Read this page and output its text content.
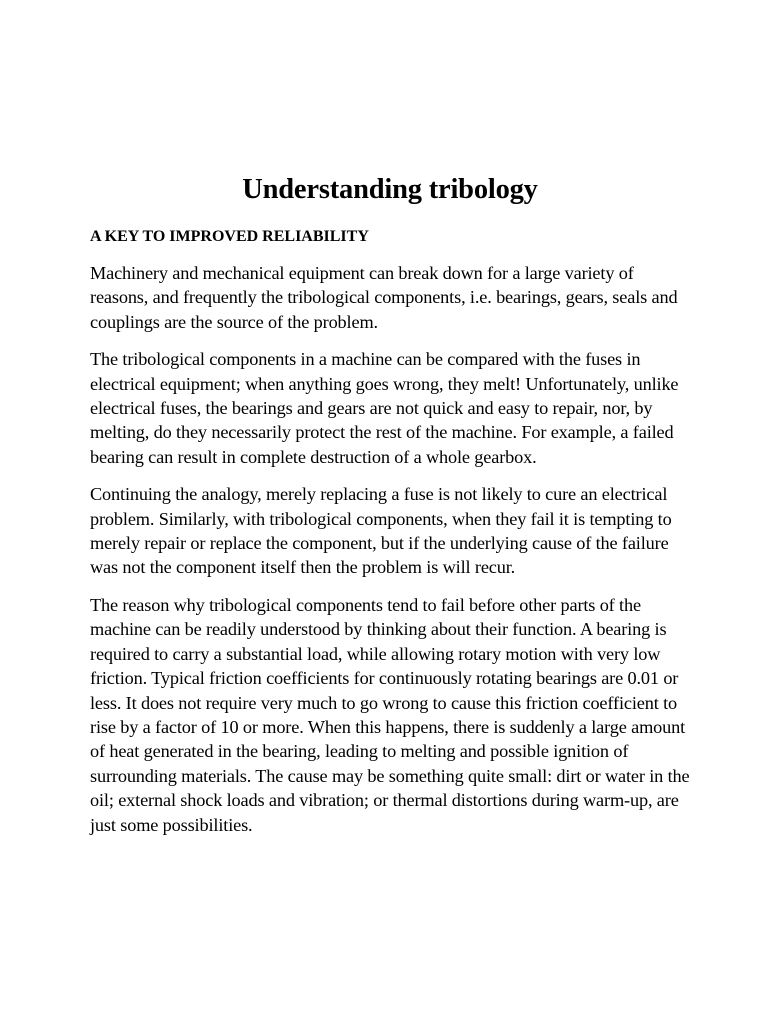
Understanding tribology
A KEY TO IMPROVED RELIABILITY

Machinery and mechanical equipment can break down for a large variety of reasons, and frequently the tribological components, i.e. bearings, gears, seals and couplings are the source of the problem.

The tribological components in a machine can be compared with the fuses in electrical equipment; when anything goes wrong, they melt! Unfortunately, unlike electrical fuses, the bearings and gears are not quick and easy to repair, nor, by melting, do they necessarily protect the rest of the machine. For example, a failed bearing can result in complete destruction of a whole gearbox.

Continuing the analogy, merely replacing a fuse is not likely to cure an electrical problem. Similarly, with tribological components, when they fail it is tempting to merely repair or replace the component, but if the underlying cause of the failure was not the component itself then the problem is will recur.

The reason why tribological components tend to fail before other parts of the machine can be readily understood by thinking about their function. A bearing is required to carry a substantial load, while allowing rotary motion with very low friction. Typical friction coefficients for continuously rotating bearings are 0.01 or less. It does not require very much to go wrong to cause this friction coefficient to rise by a factor of 10 or more. When this happens, there is suddenly a large amount of heat generated in the bearing, leading to melting and possible ignition of surrounding materials. The cause may be something quite small: dirt or water in the oil; external shock loads and vibration; or thermal distortions during warm-up, are just some possibilities.
